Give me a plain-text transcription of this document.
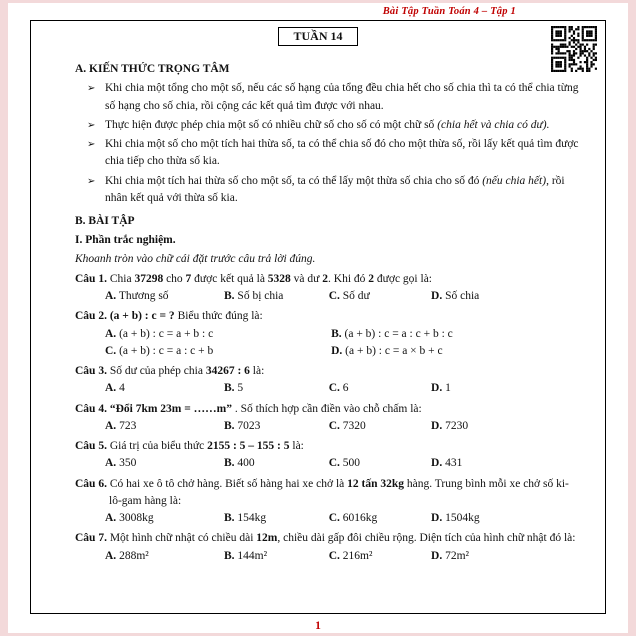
Bài Tập Tuần Toán 4 – Tập 1
TUẦN 14
A. KIẾN THỨC TRỌNG TÂM
➢ Khi chia một tổng cho một số, nếu các số hạng của tổng đều chia hết cho số chia thì ta có thể chia từng số hạng cho số chia, rồi cộng các kết quả tìm được với nhau.
➢ Thực hiện được phép chia một số có nhiều chữ số cho số có một chữ số (chia hết và chia có dư).
➢ Khi chia một số cho một tích hai thừa số, ta có thể chia số đó cho một thừa số, rồi lấy kết quả tìm được chia tiếp cho thừa số kia.
➢ Khi chia một tích hai thừa số cho một số, ta có thể lấy một thừa số chia cho số đó (nếu chia hết), rồi nhân kết quả với thừa số kia.
B. BÀI TẬP
I. Phần trắc nghiệm.
Khoanh tròn vào chữ cái đặt trước câu trả lời đúng.
Câu 1. Chia 37298 cho 7 được kết quả là 5328 và dư 2. Khi đó 2 được gọi là:
A. Thương số	B. Số bị chia	C. Số dư	D. Số chia
Câu 2. (a + b) : c = ? Biểu thức đúng là:
A. (a + b) : c = a + b : c	B. (a + b) : c = a : c + b : c
C. (a + b) : c = a : c + b	D. (a + b) : c = a × b + c
Câu 3. Số dư của phép chia 34267 : 6 là:
A. 4	B. 5	C. 6	D. 1
Câu 4. “Đổi 7km 23m = ……m” . Số thích hợp cần điền vào chỗ chấm là:
A. 723	B. 7023	C. 7320	D. 7230
Câu 5. Giá trị của biểu thức 2155 : 5 – 155 : 5 là:
A. 350	B. 400	C. 500	D. 431
Câu 6. Có hai xe ô tô chở hàng. Biết số hàng hai xe chở là 12 tấn 32kg hàng. Trung bình mỗi xe chở số ki-lô-gam hàng là:
A. 3008kg	B. 154kg	C. 6016kg	D. 1504kg
Câu 7. Một hình chữ nhật có chiều dài 12m, chiều dài gấp đôi chiều rộng. Diện tích của hình chữ nhật đó là:
A. 288m²	B. 144m²	C. 216m²	D. 72m²
1
